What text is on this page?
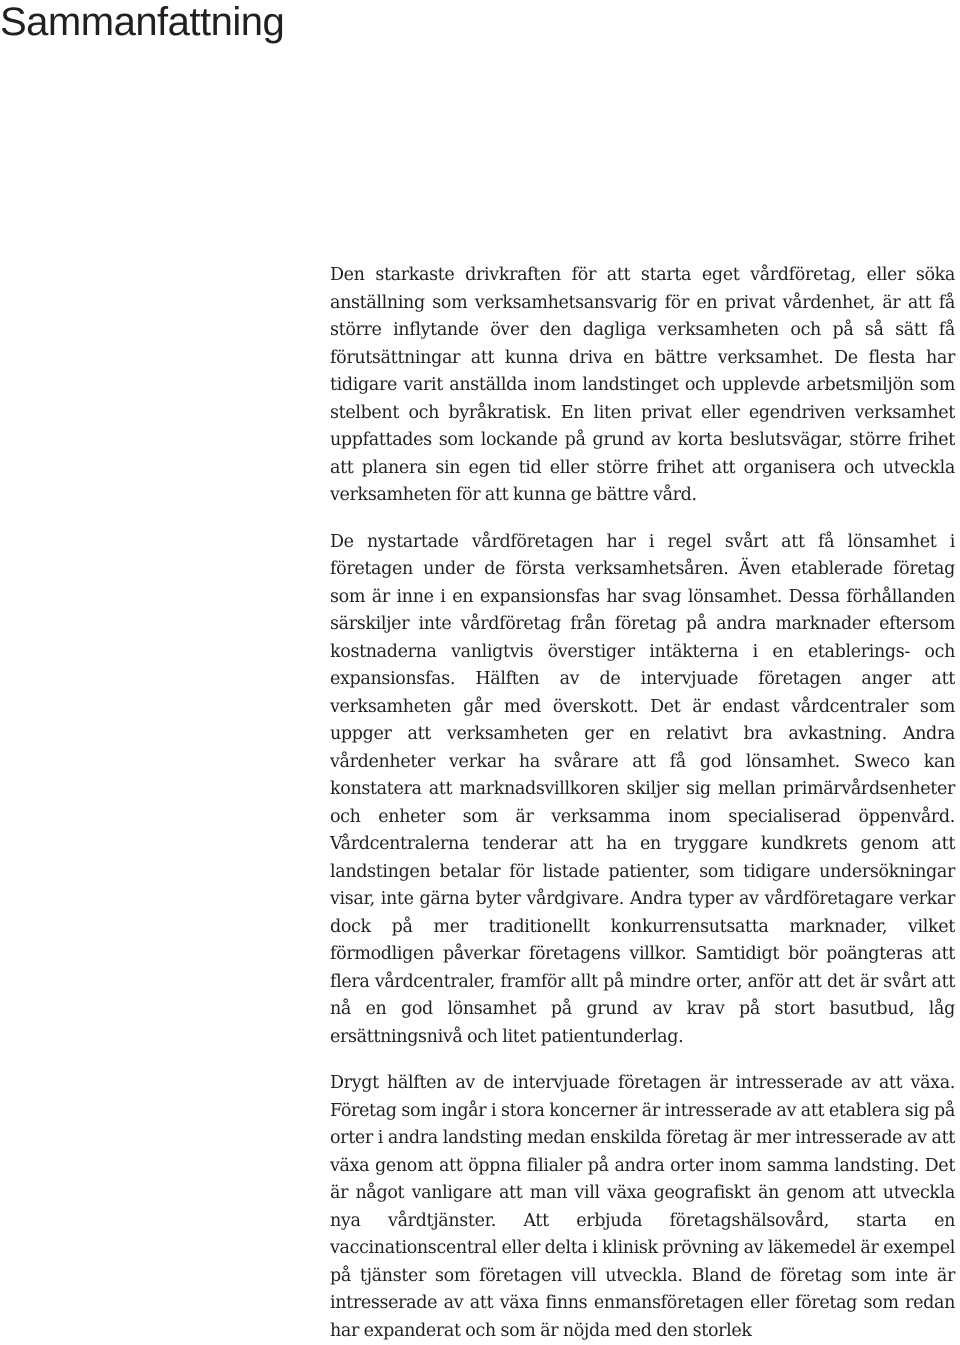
Sammanfattning

Den starkaste drivkraften för att starta eget vårdföretag, eller söka anställning som verksamhetsansvarig för en privat vårdenhet, är att få större inflytande över den dagliga verksamheten och på så sätt få förutsättningar att kunna driva en bättre verksamhet. De flesta har tidigare varit anställda inom landstinget och upplevde arbetsmiljön som stelbent och byråkratisk. En liten privat eller egendriven verksamhet uppfattades som lockande på grund av korta beslutsvägar, större frihet att planera sin egen tid eller större frihet att organisera och utveckla verksamheten för att kunna ge bättre vård.

De nystartade vårdföretagen har i regel svårt att få lönsamhet i företagen under de första verksamhetsåren. Även etablerade företag som är inne i en expansionsfas har svag lönsamhet. Dessa förhållanden särskiljer inte vårdföretag från företag på andra marknader eftersom kostnaderna vanligtvis överstiger intäkterna i en etablerings- och expansionsfas. Hälften av de intervjuade företagen anger att verksamheten går med överskott. Det är endast vårdcentraler som uppger att verksamheten ger en relativt bra avkastning. Andra vårdenheter verkar ha svårare att få god lönsamhet. Sweco kan konstatera att marknadsvillkoren skiljer sig mellan primärvårdsenheter och enheter som är verksamma inom specialiserad öppenvård. Vårdcentralerna tenderar att ha en tryggare kundkrets genom att landstingen betalar för listade patienter, som tidigare undersökningar visar, inte gärna byter vårdgivare. Andra typer av vårdföretagare verkar dock på mer traditionellt konkurrensutsatta marknader, vilket förmodligen påverkar företagens villkor. Samtidigt bör poängteras att flera vårdcentraler, framför allt på mindre orter, anför att det är svårt att nå en god lönsamhet på grund av krav på stort basutbud, låg ersättningsnivå och litet patientunderlag.

Drygt hälften av de intervjuade företagen är intresserade av att växa. Företag som ingår i stora koncerner är intresserade av att etablera sig på orter i andra landsting medan enskilda företag är mer intresserade av att växa genom att öppna filialer på andra orter inom samma landsting. Det är något vanligare att man vill växa geografiskt än genom att utveckla nya vårdtjänster. Att erbjuda företagshälsovård, starta en vaccinationscentral eller delta i klinisk prövning av läkemedel är exempel på tjänster som företagen vill utveckla. Bland de företag som inte är intresserade av att växa finns enmansföretagen eller företag som redan har expanderat och som är nöjda med den storlek
